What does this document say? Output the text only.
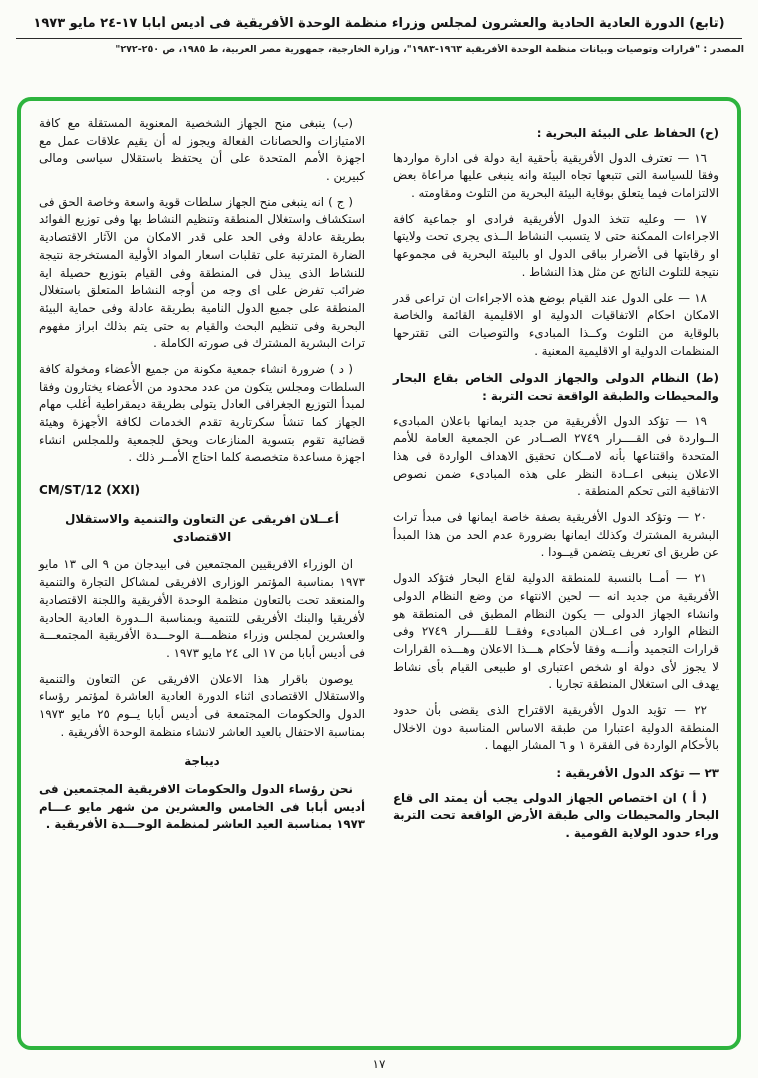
(تابع) الدورة العادية الحادية والعشرون لمجلس وزراء منظمة الوحدة الأفريقية فى أديس أبابا ١٧-٢٤ مايو ١٩٧٣
المصدر : "قرارات وتوصيات وبيانات منظمة الوحدة الأفريقية ١٩٦٣-١٩٨٣"، وزارة الخارجية، جمهورية مصر العربية، ط ١٩٨٥، ص ٢٥٠-٢٧٢"
(ح) الحفاظ على البيئة البحرية :
١٦ — تعترف الدول الأفريقية بأحقية اية دولة فى ادارة مواردها وفقا للسياسة التى تتبعها تجاه البيئة وانه ينبغى عليها مراعاة بعض الالتزامات فيما يتعلق بوقاية البيئة البحرية من التلوث ومقاومته .
١٧ — وعليه تتخذ الدول الأفريقية فرادى او جماعية كافة الاجراءات الممكنة حتى لا يتسبب النشاط الــذى يجرى تحت ولايتها او رقابتها فى الأضرار بباقى الدول او بالبيئة البحرية فى مجموعها نتيجة للتلوث الناتج عن مثل هذا النشاط .
١٨ — على الدول عند القيام بوضع هذه الاجراءات ان تراعى قدر الامكان احكام الاتفاقيات الدولية او الاقليمية القائمة والخاصة بالوقاية من التلوث وكــذا المبادىء والتوصيات التى تقترحها المنظمات الدولية او الاقليمية المعنية .
(ط) النظام الدولى والجهاز الدولى الخاص بقاع البحار والمحيطات والطبقة الواقعة تحت التربة :
١٩ — تؤكد الدول الأفريقية من جديد ايمانها باعلان المبادىء الــواردة فى القــــرار ٢٧٤٩ الصــادر عن الجمعية العامة للأمم المتحدة واقتناعها بأنه لامــكان تحقيق الاهداف الواردة فى هذا الاعلان ينبغى اعــادة النظر على هذه المبادىء ضمن نصوص الاتفاقية التى تحكم المنطقة .
٢٠ — وتؤكد الدول الأفريقية بصفة خاصة ايمانها فى مبدأ تراث البشرية المشترك وكذلك ايمانها بضرورة عدم الحد من هذا المبدأ عن طريق اى تعريف يتضمن قيــودا .
٢١ — أمــا بالنسبة للمنطقة الدولية لقاع البحار فتؤكد الدول الأفريقية من جديد انه — لحين الانتهاء من وضع النظام الدولى وانشاء الجهاز الدولى — يكون النظام المطبق فى المنطقة هو النظام الوارد فى اعــلان المبادىء وفقــا للقــــرار ٢٧٤٩ وفى قرارات التجميد وأنـــه وفقا لأحكام هـــذا الاعلان وهـــذه القرارات لا يجوز لأى دولة او شخص اعتبارى او طبيعى القيام بأى نشاط يهدف الى استغلال المنطقة تجاريا .
٢٢ — تؤيد الدول الأفريقية الاقتراح الذى يقضى بأن حدود المنطقة الدولية اعتبارا من طبقة الاساس المناسبة دون الاخلال بالأحكام الواردة فى الفقرة ١ و ٦ المشار اليهما .
٢٣ — تؤكد الدول الأفريقية :
( أ ) ان اختصاص الجهاز الدولى يجب أن يمتد الى قاع البحار والمحيطات والى طبقة الأرض الواقعة تحت التربة وراء حدود الولاية القومية .
(ب) ينبغى منح الجهاز الشخصية المعنوية المستقلة مع كافة الامتيازات والحصانات الفعالة ويجوز له أن يقيم علاقات عمل مع اجهزة الأمم المتحدة على أن يحتفظ باستقلال سياسى ومالى كبيرين .
( ج ) انه ينبغى منح الجهاز سلطات قوية واسعة وخاصة الحق فى استكشاف واستغلال المنطقة وتنظيم النشاط بها وفى توزيع الفوائد بطريقة عادلة وفى الحد على قدر الامكان من الآثار الاقتصادية الضارة المترتبة على تقلبات اسعار المواد الأولية المستخرجة نتيجة للنشاط الذى يبذل فى المنطقة وفى القيام بتوزيع حصيلة اية ضرائب تفرض على اى وجه من أوجه النشاط المتعلق باستغلال المنطقة على جميع الدول النامية بطريقة عادلة وفى حماية البيئة البحرية وفى تنظيم البحث والقيام به حتى يتم بذلك ابراز مفهوم تراث البشرية المشترك فى صورته الكاملة .
( د ) ضرورة انشاء جمعية مكونة من جميع الأعضاء ومخولة كافة السلطات ومجلس يتكون من عدد محدود من الأعضاء يختارون وفقا لمبدأ التوزيع الجغرافى العادل يتولى بطريقة ديمقراطية أغلب مهام الجهاز كما تنشأ سكرتارية تقدم الخدمات لكافة الأجهزة وهيئة قضائية تقوم بتسوية المنازعات ويحق للجمعية وللمجلس انشاء اجهزة مساعدة متخصصة كلما احتاج الأمــر ذلك .
CM/ST/12 (XXI)
أعــلان افريقى عن التعاون والتنمية والاستقلال الاقتصادى
ان الوزراء الافريقيين المجتمعين فى ابيدجان من ٩ الى ١٣ مايو ١٩٧٣ بمناسبة المؤتمر الوزارى الافريقى لمشاكل التجارة والتنمية والمنعقد تحت بالتعاون منظمة الوحدة الأفريقية واللجنة الاقتصادية لأفريقيا والبنك الأفريقى للتنمية وبمناسبة الــدورة العادية الحادية والعشرين لمجلس وزراء منظمـــة الوحـــدة الأفريقية المجتمعـــة فى أديس أبابا من ١٧ الى ٢٤ مايو ١٩٧٣ .
يوصون باقرار هذا الاعلان الافريقى عن التعاون والتنمية والاستقلال الاقتصادى اثناء الدورة العادية العاشرة لمؤتمر رؤساء الدول والحكومات المجتمعة فى أديس أبابا يــوم ٢٥ مايو ١٩٧٣ بمناسبة الاحتفال بالعيد العاشر لانشاء منظمة الوحدة الأفريقية .
ديباجة
نحن رؤساء الدول والحكومات الافريقية المجتمعين فى أديس أبابا فى الخامس والعشرين من شهر مايو عـــام ١٩٧٣ بمناسبة العيد العاشر لمنظمة الوحـــدة الأفريقية .
١٧
